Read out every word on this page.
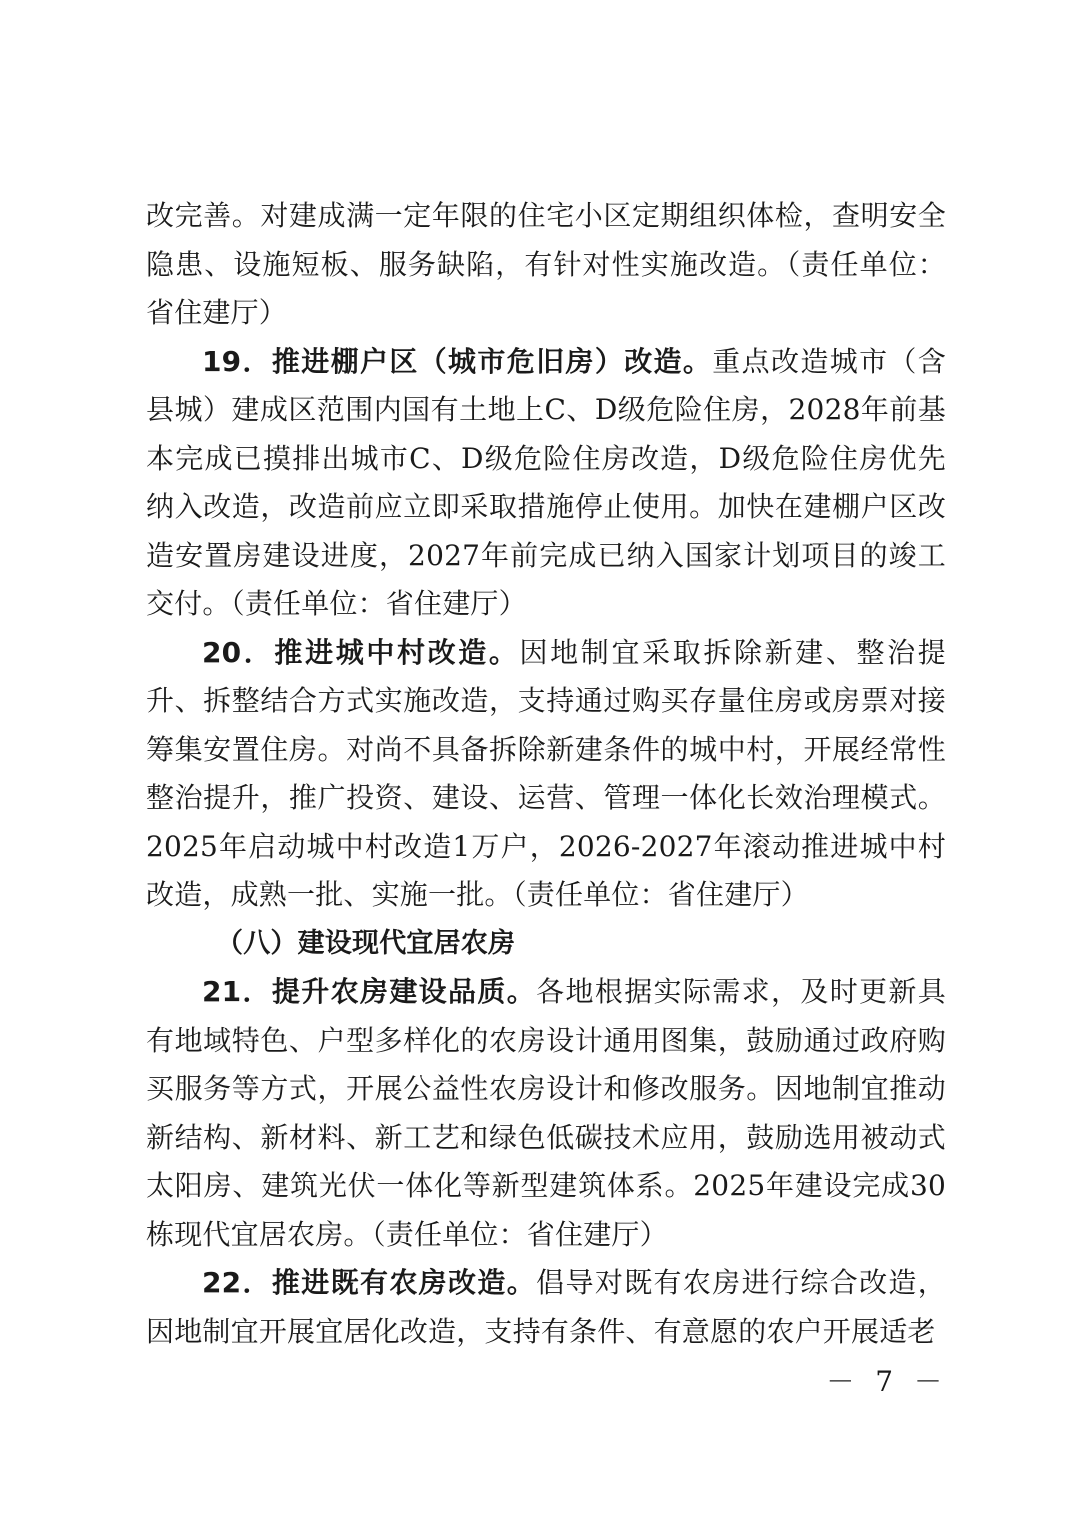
改完善。对建成满一定年限的住宅小区定期组织体检，查明安全隐患、设施短板、服务缺陷，有针对性实施改造。（责任单位：省住建厅）

19．推进棚户区（城市危旧房）改造。重点改造城市（含县城）建成区范围内国有土地上C、D级危险住房，2028年前基本完成已摸排出城市C、D级危险住房改造，D级危险住房优先纳入改造，改造前应立即采取措施停止使用。加快在建棚户区改造安置房建设进度，2027年前完成已纳入国家计划项目的竣工交付。（责任单位：省住建厅）

20．推进城中村改造。因地制宜采取拆除新建、整治提升、拆整结合方式实施改造，支持通过购买存量住房或房票对接筹集安置住房。对尚不具备拆除新建条件的城中村，开展经常性整治提升，推广投资、建设、运营、管理一体化长效治理模式。2025年启动城中村改造1万户，2026-2027年滚动推进城中村改造，成熟一批、实施一批。（责任单位：省住建厅）

（八）建设现代宜居农房

21．提升农房建设品质。各地根据实际需求，及时更新具有地域特色、户型多样化的农房设计通用图集，鼓励通过政府购买服务等方式，开展公益性农房设计和修改服务。因地制宜推动新结构、新材料、新工艺和绿色低碳技术应用，鼓励选用被动式太阳房、建筑光伏一体化等新型建筑体系。2025年建设完成30栋现代宜居农房。（责任单位：省住建厅）

22．推进既有农房改造。倡导对既有农房进行综合改造，因地制宜开展宜居化改造，支持有条件、有意愿的农户开展适老

－ 7 －
